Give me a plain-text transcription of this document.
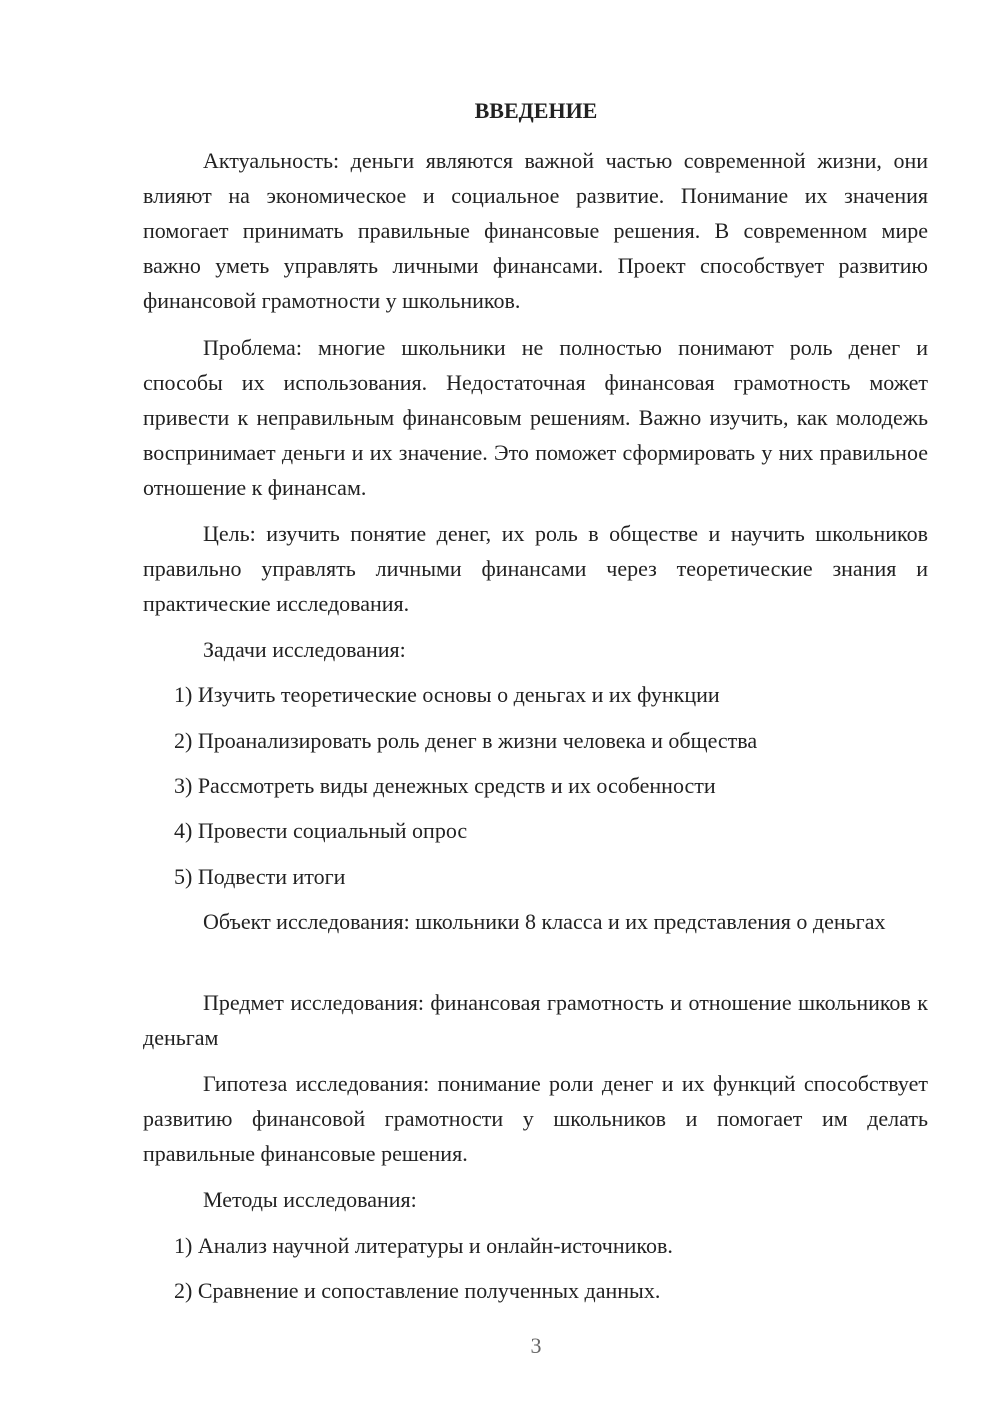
ВВЕДЕНИЕ

Актуальность: деньги являются важной частью современной жизни, они влияют на экономическое и социальное развитие. Понимание их значения помогает принимать правильные финансовые решения. В современном мире важно уметь управлять личными финансами. Проект способствует развитию финансовой грамотности у школьников.

Проблема: многие школьники не полностью понимают роль денег и способы их использования. Недостаточная финансовая грамотность может привести к неправильным финансовым решениям. Важно изучить, как молодежь воспринимает деньги и их значение. Это поможет сформировать у них правильное отношение к финансам.

Цель: изучить понятие денег, их роль в обществе и научить школьников правильно управлять личными финансами через теоретические знания и практические исследования.

Задачи исследования:
1) Изучить теоретические основы о деньгах и их функции
2) Проанализировать роль денег в жизни человека и общества
3) Рассмотреть виды денежных средств и их особенности
4) Провести социальный опрос
5) Подвести итоги

Объект исследования: школьники 8 класса и их представления о деньгах

Предмет исследования: финансовая грамотность и отношение школьников к деньгам

Гипотеза исследования: понимание роли денег и их функций способствует развитию финансовой грамотности у школьников и помогает им делать правильные финансовые решения.

Методы исследования:
1) Анализ научной литературы и онлайн-источников.
2) Сравнение и сопоставление полученных данных.
3
